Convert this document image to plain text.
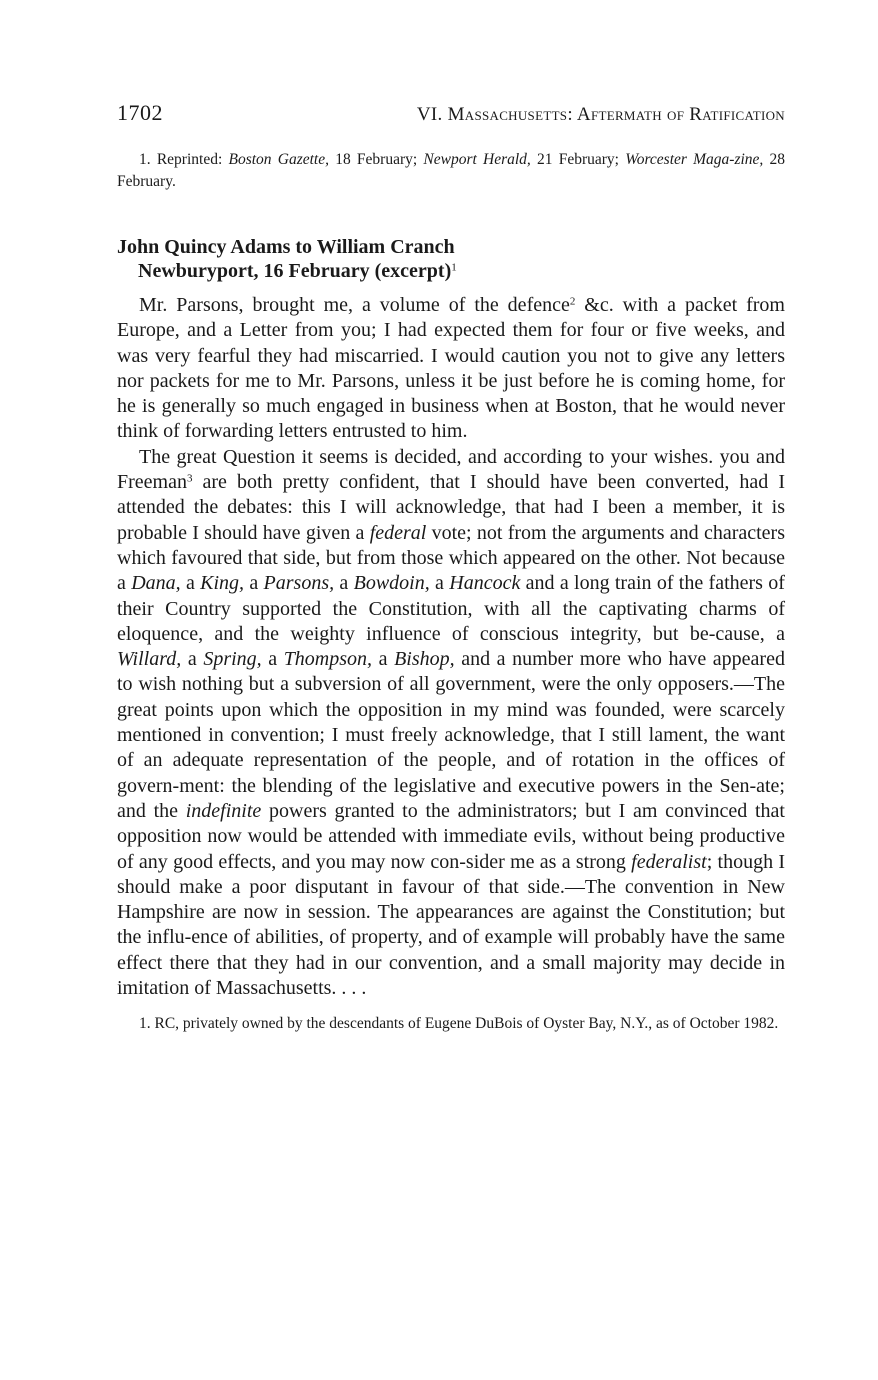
1702	VI. Massachusetts: Aftermath of Ratification
1. Reprinted: Boston Gazette, 18 February; Newport Herald, 21 February; Worcester Maga-zine, 28 February.
John Quincy Adams to William Cranch
Newburyport, 16 February (excerpt)$^1$

Mr. Parsons, brought me, a volume of the defence$^2$ &c. with a packet from Europe, and a Letter from you; I had expected them for four or five weeks, and was very fearful they had miscarried. I would caution you not to give any letters nor packets for me to Mr. Parsons, unless it be just before he is coming home, for he is generally so much engaged in business when at Boston, that he would never think of forwarding letters entrusted to him.

The great Question it seems is decided, and according to your wishes. you and Freeman$^3$ are both pretty confident, that I should have been converted, had I attended the debates: this I will acknowledge, that had I been a member, it is probable I should have given a federal vote; not from the arguments and characters which favoured that side, but from those which appeared on the other. Not because a Dana, a King, a Parsons, a Bowdoin, a Hancock and a long train of the fathers of their Country supported the Constitution, with all the captivating charms of eloquence, and the weighty influence of conscious integrity, but be-cause, a Willard, a Spring, a Thompson, a Bishop, and a number more who have appeared to wish nothing but a subversion of all government, were the only opposers.—The great points upon which the opposition in my mind was founded, were scarcely mentioned in convention; I must freely acknowledge, that I still lament, the want of an adequate representation of the people, and of rotation in the offices of govern-ment: the blending of the legislative and executive powers in the Sen-ate; and the indefinite powers granted to the administrators; but I am convinced that opposition now would be attended with immediate evils, without being productive of any good effects, and you may now con-sider me as a strong federalist; though I should make a poor disputant in favour of that side.—The convention in New Hampshire are now in session. The appearances are against the Constitution; but the influ-ence of abilities, of property, and of example will probably have the same effect there that they had in our convention, and a small majority may decide in imitation of Massachusetts. . . .

1. RC, privately owned by the descendants of Eugene DuBois of Oyster Bay, N.Y., as of October 1982.
